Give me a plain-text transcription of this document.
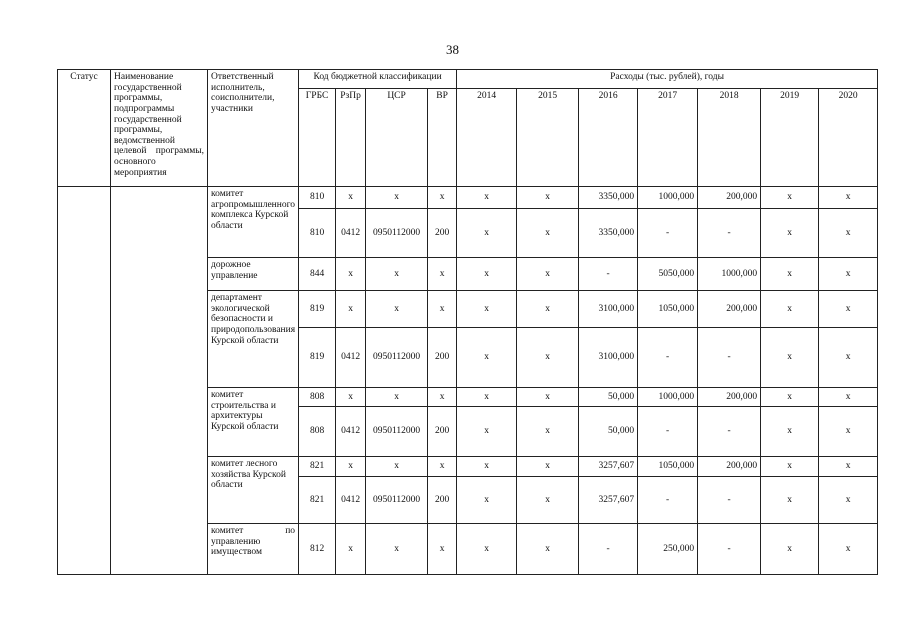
38
Статус	Наименование государственной программы, подпрограммы государственной программы, ведомственной целевой программы, основного мероприятия	Ответственный исполнитель, соисполнители, участники	Код бюджетной классификации				Расходы (тыс. рублей), годы						
			ГРБС	РзПр	ЦСР	ВР	2014	2015	2016	2017	2018	2019	2020
		комитет агропромышленного комплекса Курской области	810	x	x	x	x	x	3350,000	1000,000	200,000	x	x
			810	0412	0950112000	200	x	x	3350,000	-	-	x	x
		дорожное управление	844	x	x	x	x	x	-	5050,000	1000,000	x	x
		департамент экологической безопасности и природопользования Курской области	819	x	x	x	x	x	3100,000	1050,000	200,000	x	x
			819	0412	0950112000	200	x	x	3100,000	-	-	x	x
		комитет строительства и архитектуры Курской области	808	x	x	x	x	x	50,000	1000,000	200,000	x	x
			808	0412	0950112000	200	x	x	50,000	-	-	x	x
		комитет лесного хозяйства Курской области	821	x	x	x	x	x	3257,607	1050,000	200,000	x	x
			821	0412	0950112000	200	x	x	3257,607	-	-	x	x
		комитет по управлению имуществом	812	x	x	x	x	x	-	250,000	-	x	x
